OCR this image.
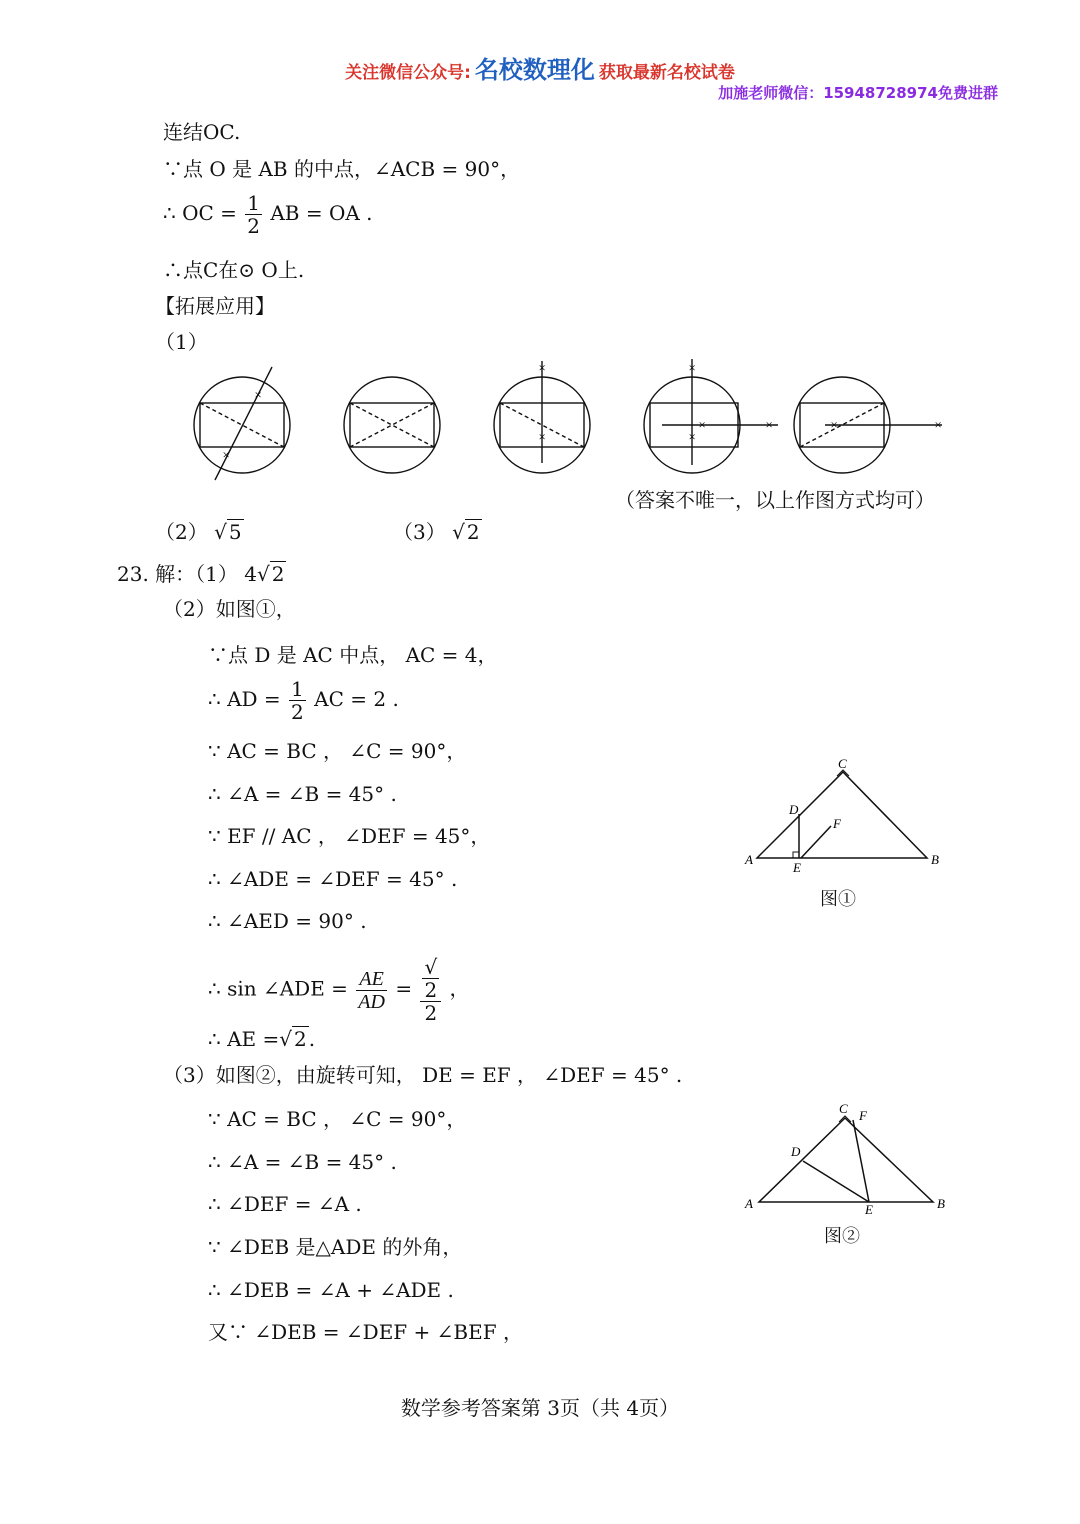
关注微信公众号: 名校数理化 获取最新名校试卷
加施老师微信：15948728974免费进群
连结OC.
∵点 O 是 AB 的中点，∠ACB = 90°，
∴ OC = $\frac{1}{2}$ AB = OA .
∴点C在⊙ O上.
【拓展应用】
（1）
×
×
×
×
×
×
×	×	×	×
（答案不唯一，以上作图方式均可）
（2） √ 5	（3） √ 2
23. 解：（1） 4√ 2
（2）如图①，
∵点 D 是 AC 中点， AC = 4，
∴ AD = $\frac{1}{2}$ AC = 2 .
∵ AC = BC ， ∠C = 90°，
∴ ∠A = ∠B = 45° .
∵ EF // AC ， ∠DEF = 45°，
∴ ∠ADE = ∠DEF = 45° .
∴ ∠AED = 90° .
∴ sin ∠ADE = $\frac{AE}{AD}$ = √
2
2 ，
∴ AE =√ 2 .
（3）如图②，由旋转可知， DE = EF ， ∠DEF = 45° .
∵ AC = BC ， ∠C = 90°，
∴ ∠A = ∠B = 45° .
∴ ∠DEF = ∠A .
∵ ∠DEB 是△ADE 的外角，
∴ ∠DEB = ∠A + ∠ADE .
又∵ ∠DEB = ∠DEF + ∠BEF ，
A	B
C
D
E
F
图①
A	B
C
D
E
F
图②
数学参考答案第 3页（共 4页）
